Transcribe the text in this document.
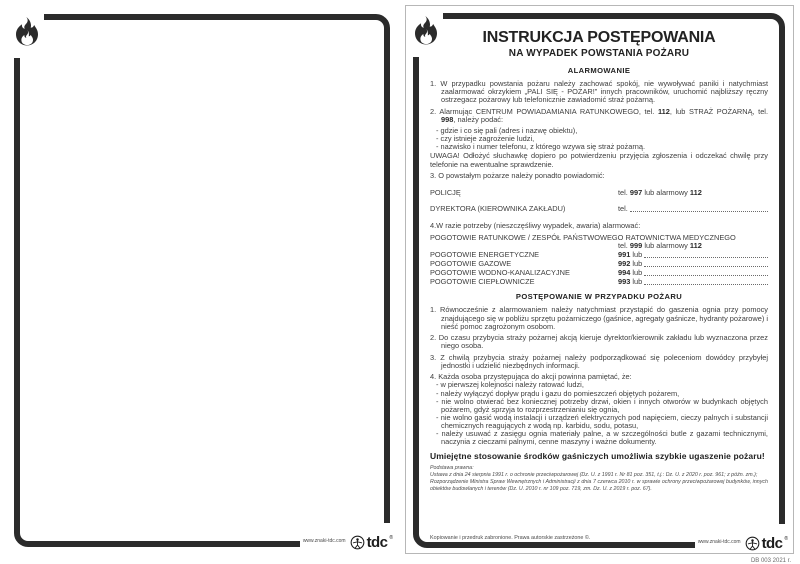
www.znaki-tdc.com tdc ®
INSTRUKCJA POSTĘPOWANIA
NA WYPADEK POWSTANIA POŻARU
ALARMOWANIE
1. W przypadku powstania pożaru należy zachować spokój, nie wywoływać paniki i natychmiast zaalarmować okrzykiem „PALI SIĘ - POŻAR!” innych pracowników, uruchomić najbliższy ręczny ostrzegacz pożarowy lub telefonicznie zawiadomić straż pożarną.
2. Alarmując CENTRUM POWIADAMIANIA RATUNKOWEGO, tel. 112, lub STRAŻ POŻARNĄ, tel. 998, należy podać:
- gdzie i co się pali (adres i nazwę obiektu),
- czy istnieje zagrożenie ludzi,
- nazwisko i numer telefonu, z którego wzywa się straż pożarną.
UWAGA! Odłożyć słuchawkę dopiero po potwierdzeniu przyjęcia zgłoszenia i odczekać chwilę przy telefonie na ewentualne sprawdzenie.
3. O powstałym pożarze należy ponadto powiadomić:
POLICJĘ	tel. 997 lub alarmowy 112
DYREKTORA (KIEROWNIKA ZAKŁADU)	tel.
4.W razie potrzeby (nieszczęśliwy wypadek, awaria) alarmować:
POGOTOWIE RATUNKOWE / ZESPÓŁ PAŃSTWOWEGO RATOWNICTWA MEDYCZNEGO
tel. 999 lub alarmowy 112
POGOTOWIE ENERGETYCZNE	991 lub
POGOTOWIE GAZOWE	992 lub
POGOTOWIE WODNO-KANALIZACYJNE	994 lub
POGOTOWIE CIEPŁOWNICZE	993 lub
POSTĘPOWANIE W PRZYPADKU POŻARU
1. Równocześnie z alarmowaniem należy natychmiast przystąpić do gaszenia ognia przy pomocy znajdującego się w pobliżu sprzętu pożarniczego (gaśnice, agregaty gaśnicze, hydranty pożarowe) i nieść pomoc zagrożonym osobom.
2. Do czasu przybycia straży pożarnej akcją kieruje dyrektor/kierownik zakładu lub wyznaczona przez niego osoba.
3. Z chwilą przybycia straży pożarnej należy podporządkować się poleceniom dowódcy przybyłej jednostki i udzielić niezbędnych informacji.
4. Każda osoba przystępująca do akcji powinna pamiętać, że:
- w pierwszej kolejności należy ratować ludzi,
- należy wyłączyć dopływ prądu i gazu do pomieszczeń objętych pożarem,
- nie wolno otwierać bez koniecznej potrzeby drzwi, okien i innych otworów w budynkach objętych pożarem, gdyż sprzyja to rozprzestrzenianiu się ognia,
- nie wolno gasić wodą instalacji i urządzeń elektrycznych pod napięciem, cieczy palnych i substancji chemicznych reagujących z wodą np. karbidu, sodu, potasu,
- należy usuwać z zasięgu ognia materiały palne, a w szczególności butle z gazami technicznymi, naczynia z cieczami palnymi, cenne maszyny i ważne dokumenty.
Umiejętne stosowanie środków gaśniczych umożliwia szybkie ugaszenie pożaru!
Podstawa prawna:
Ustawa z dnia 24 sierpnia 1991 r. o ochronie przeciwpożarowej (Dz. U. z 1991 r. Nr 81 poz. 351, t.j.: Dz. U. z 2020 r. poz. 961; z późn. zm.);
Rozporządzenie Ministra Spraw Wewnętrznych i Administracji z dnia 7 czerwca 2010 r. w sprawie ochrony przeciwpożarowej budynków, innych obiektów budowlanych i terenów (Dz. U. 2010 r. nr 109 poz. 719, zm. Dz. U. z 2019 r. poz. 67).
Kopiowanie i przedruk zabronione. Prawa autorskie zastrzeżone ©.
www.znaki-tdc.com tdc ®
DB 003 2021 r.
